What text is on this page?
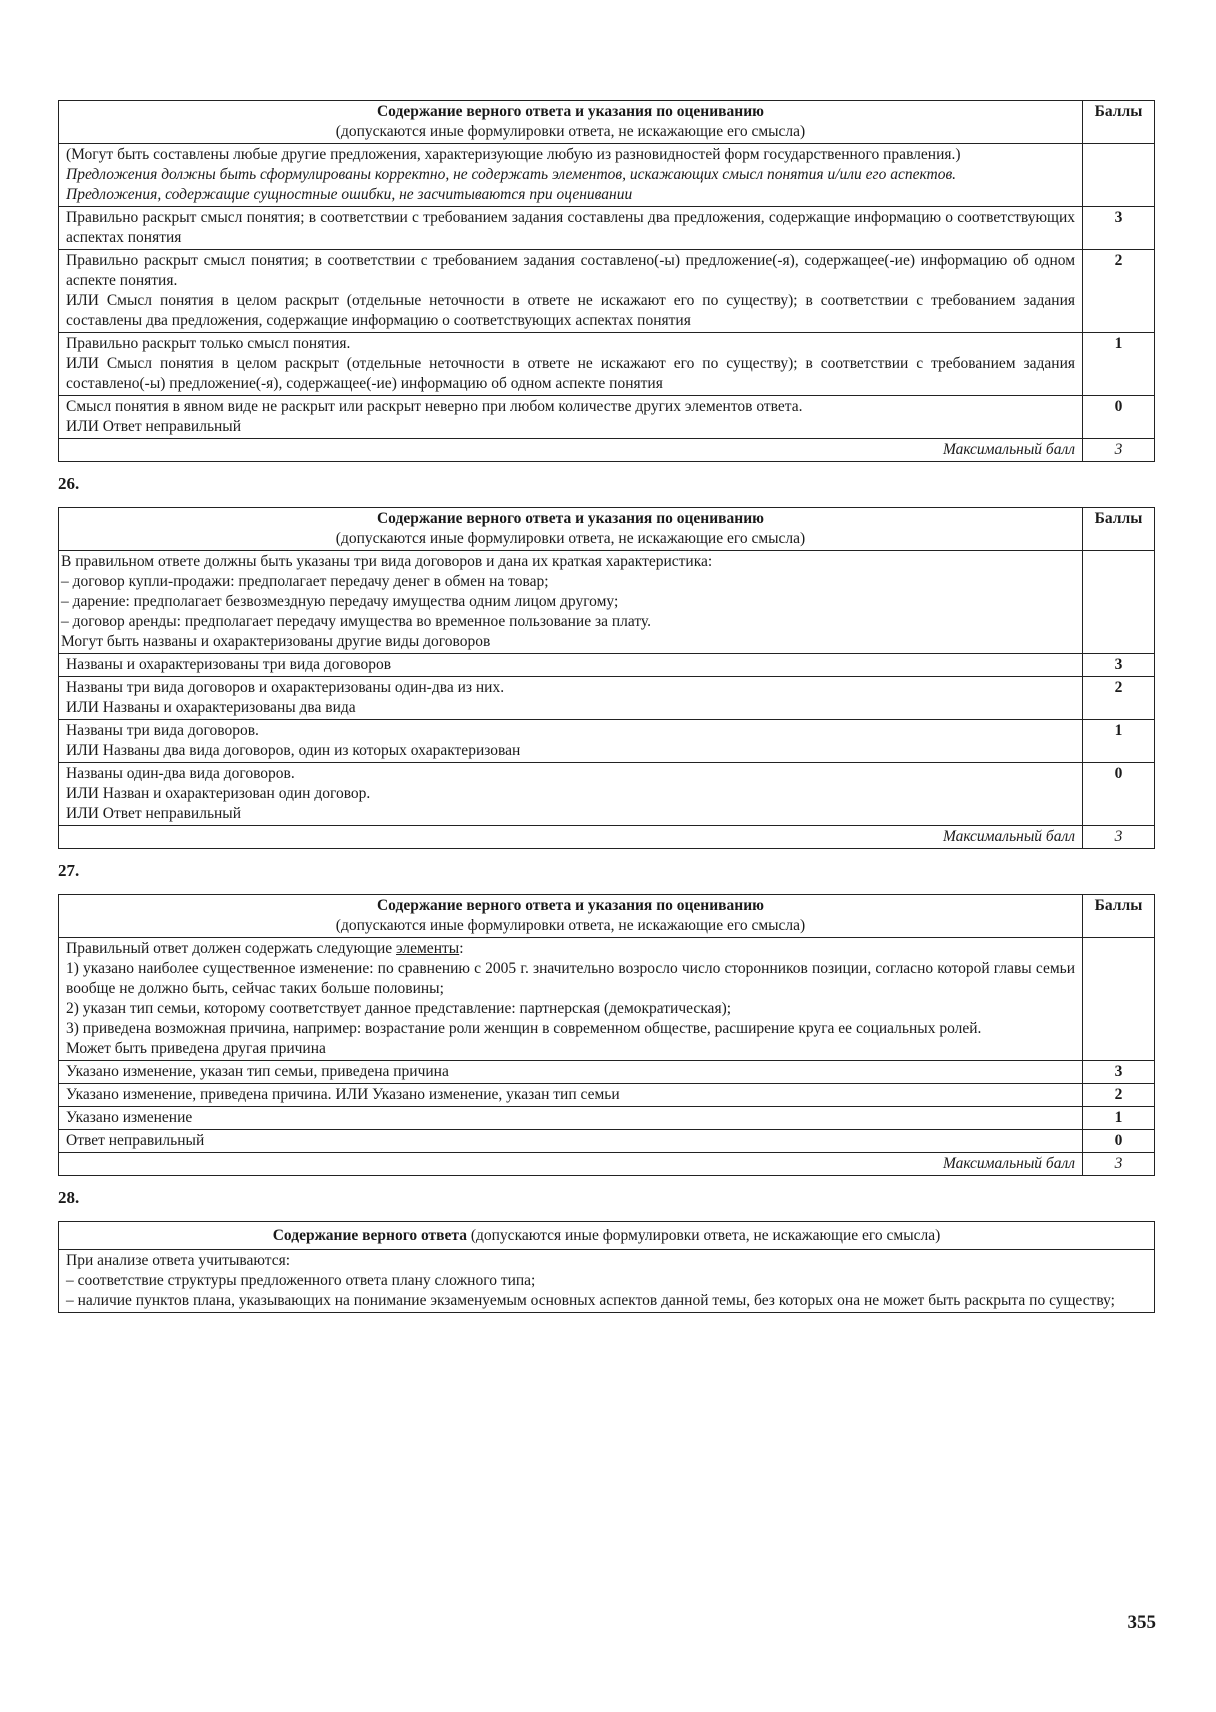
Содержание верного ответа и указания по оцениванию
(допускаются иные формулировки ответа, не искажающие его смысла)	Баллы

(Могут быть составлены любые другие предложения, характеризующие любую из разновидностей форм государственного правления.)
Предложения должны быть сформулированы корректно, не содержать элементов, искажающих смысл понятия и/или его аспектов.
Предложения, содержащие сущностные ошибки, не засчитываются при оценивании	

Правильно раскрыт смысл понятия; в соответствии с требованием задания составлены два предложения, содержащие информацию о соответствующих аспектах понятия	3

Правильно раскрыт смысл понятия; в соответствии с требованием задания составлено(-ы) предложение(-я), содержащее(-ие) информацию об одном аспекте понятия.
ИЛИ Смысл понятия в целом раскрыт (отдельные неточности в ответе не искажают его по существу); в соответствии с требованием задания составлены два предложения, содержащие информацию о соответствующих аспектах понятия	2

Правильно раскрыт только смысл понятия.
ИЛИ Смысл понятия в целом раскрыт (отдельные неточности в ответе не искажают его по существу); в соответствии с требованием задания составлено(-ы) предложение(-я), содержащее(-ие) информацию об одном аспекте понятия	1

Смысл понятия в явном виде не раскрыт или раскрыт неверно при любом количестве других элементов ответа.
ИЛИ Ответ неправильный	0
Максимальный балл	3
26.
Содержание верного ответа и указания по оцениванию
(допускаются иные формулировки ответа, не искажающие его смысла)	Баллы

В правильном ответе должны быть указаны три вида договоров и дана их краткая характеристика:
– договор купли-продажи: предполагает передачу денег в обмен на товар;
– дарение: предполагает безвозмездную передачу имущества одним лицом другому;
– договор аренды: предполагает передачу имущества во временное пользование за плату.
Могут быть названы и охарактеризованы другие виды договоров	

Названы и охарактеризованы три вида договоров	3

Названы три вида договоров и охарактеризованы один-два из них.
ИЛИ Названы и охарактеризованы два вида	2

Названы три вида договоров.
ИЛИ Названы два вида договоров, один из которых охарактеризован	1

Названы один-два вида договоров.
ИЛИ Назван и охарактеризован один договор.
ИЛИ Ответ неправильный	0
Максимальный балл	3
27.
Содержание верного ответа и указания по оцениванию
(допускаются иные формулировки ответа, не искажающие его смысла)	Баллы

Правильный ответ должен содержать следующие элементы:
1) указано наиболее существенное изменение: по сравнению с 2005 г. значительно возросло число сторонников позиции, согласно которой главы семьи вообще не должно быть, сейчас таких больше половины;
2) указан тип семьи, которому соответствует данное представление: партнерская (демократическая);
3) приведена возможная причина, например: возрастание роли женщин в современном обществе, расширение круга ее социальных ролей.
Может быть приведена другая причина	

Указано изменение, указан тип семьи, приведена причина	3

Указано изменение, приведена причина. ИЛИ Указано изменение, указан тип семьи	2

Указано изменение	1

Ответ неправильный	0
Максимальный балл	3
28.
Содержание верного ответа (допускаются иные формулировки ответа, не искажающие его смысла)

При анализе ответа учитываются:
– соответствие структуры предложенного ответа плану сложного типа;
– наличие пунктов плана, указывающих на понимание экзаменуемым основных аспектов данной темы, без которых она не может быть раскрыта по существу;
355
